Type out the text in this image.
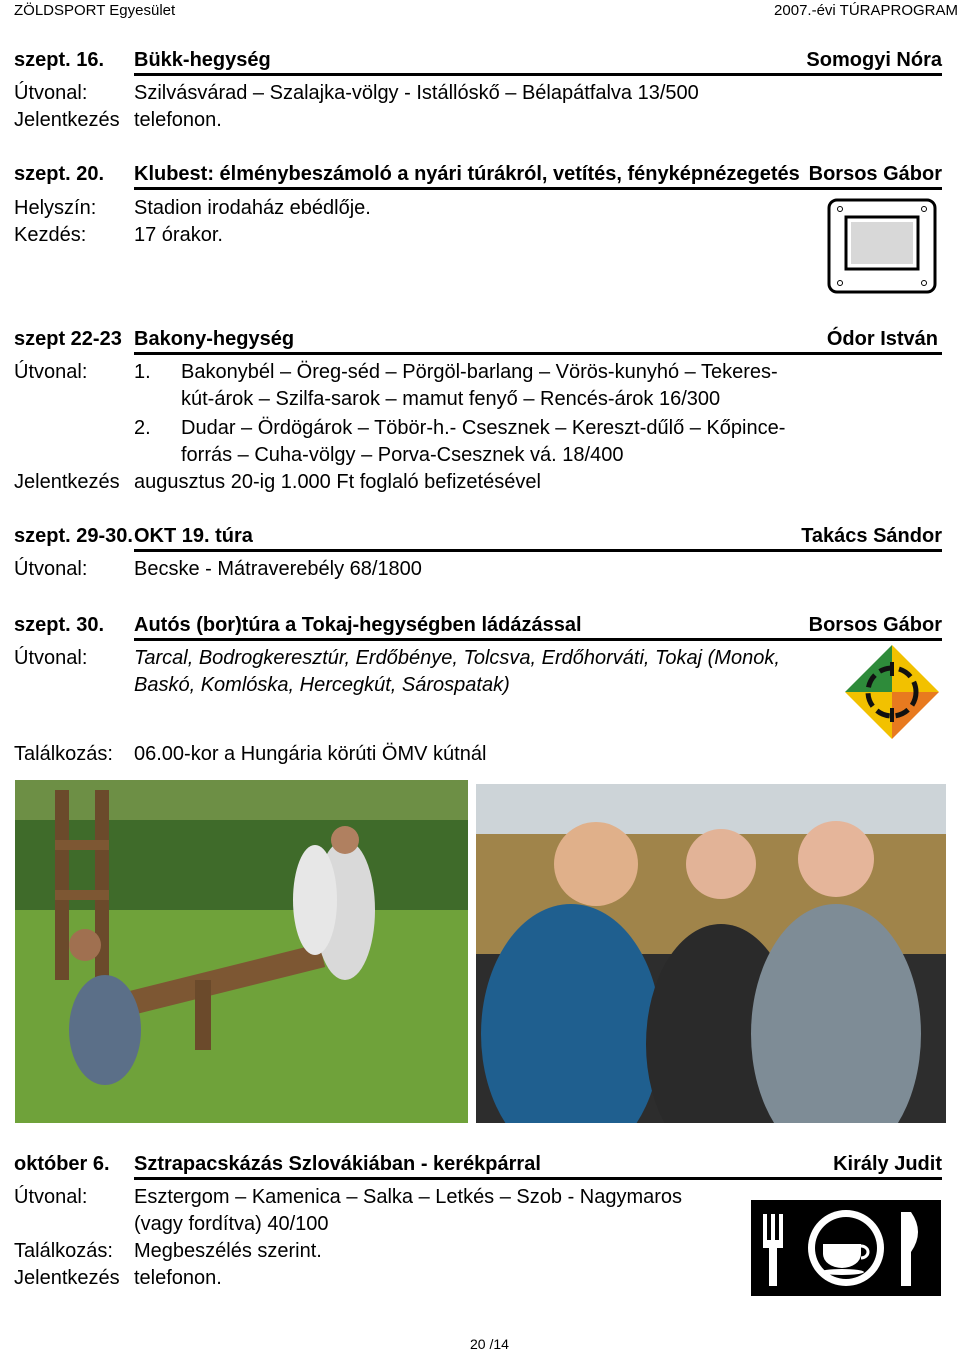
ZÖLDSPORT Egyesület	2007.-évi TÚRAPROGRAM
szept. 16. Bükk-hegység	Somogyi Nóra
Útvonal: Szilvásvárad – Szalajka-völgy - Istállóskő – Bélapátfalva 13/500
Jelentkezés telefonon.
szept. 20. Klubest: élménybeszámoló a nyári túrákról, vetítés, fényképnézegetés Borsos Gábor
Helyszín: Stadion irodaház ebédlője.
Kezdés: 17 órakor.
szept 22-23 Bakony-hegység	Ódor István
Útvonal: 1. Bakonybél – Öreg-séd – Pörgöl-barlang – Vörös-kunyhó – Tekeres-
kút-árok – Szilfa-sarok – mamut fenyő – Rencés-árok 16/300
2. Dudar – Ördögárok – Töbör-h.- Csesznek – Kereszt-dűlő – Kőpince-
forrás – Cuha-völgy – Porva-Csesznek vá. 18/400
Jelentkezés augusztus 20-ig 1.000 Ft foglaló befizetésével
szept. 29-30. OKT 19. túra	Takács Sándor
Útvonal: Becske - Mátraverebély 68/1800
szept. 30. Autós (bor)túra a Tokaj-hegységben ládázással	Borsos Gábor
Útvonal: Tarcal, Bodrogkeresztúr, Erdőbénye, Tolcsva, Erdőhorváti, Tokaj (Monok,
Baskó, Komlóska, Hercegkút, Sárospatak)
Találkozás: 06.00-kor a Hungária körúti ÖMV kútnál
október 6. Sztrapacskázás Szlovákiában - kerékpárral	Király Judit
Útvonal: Esztergom – Kamenica – Salka – Letkés – Szob - Nagymaros
(vagy fordítva) 40/100
Találkozás: Megbeszélés szerint.
Jelentkezés telefonon.
20 /14
